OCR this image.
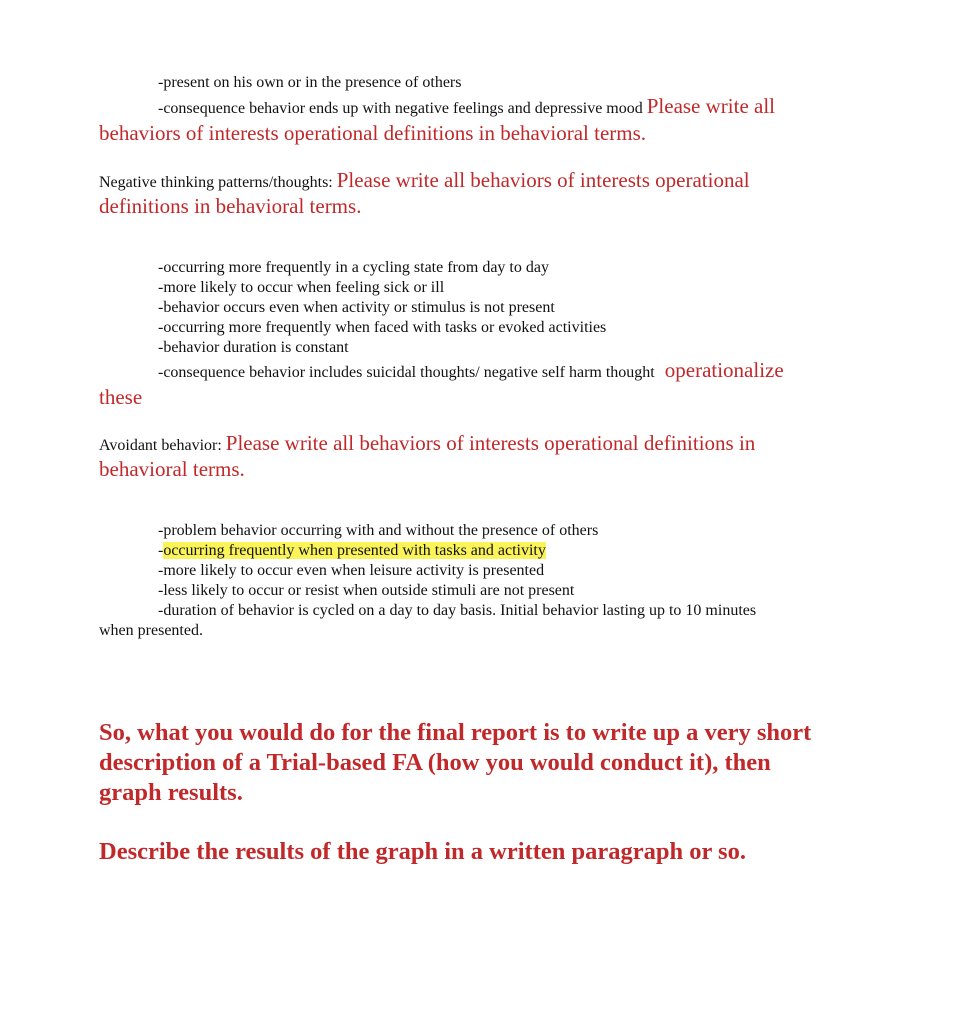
-present on his own or in the presence of others
-consequence behavior ends up with negative feelings and depressive mood Please write all
behaviors of interests operational definitions in behavioral terms.
Negative thinking patterns/thoughts: Please write all behaviors of interests operational
definitions in behavioral terms.
-occurring more frequently in a cycling state from day to day
-more likely to occur when feeling sick or ill
-behavior occurs even when activity or stimulus is not present
-occurring more frequently when faced with tasks or evoked activities
-behavior duration is constant
-consequence behavior includes suicidal thoughts/ negative self harm thought operationalize
these
Avoidant behavior: Please write all behaviors of interests operational definitions in
behavioral terms.
-problem behavior occurring with and without the presence of others
-occurring frequently when presented with tasks and activity
-more likely to occur even when leisure activity is presented
-less likely to occur or resist when outside stimuli are not present
-duration of behavior is cycled on a day to day basis. Initial behavior lasting up to 10 minutes
when presented.
So, what you would do for the final report is to write up a very short
description of a Trial-based FA (how you would conduct it), then
graph results.
Describe the results of the graph in a written paragraph or so.
